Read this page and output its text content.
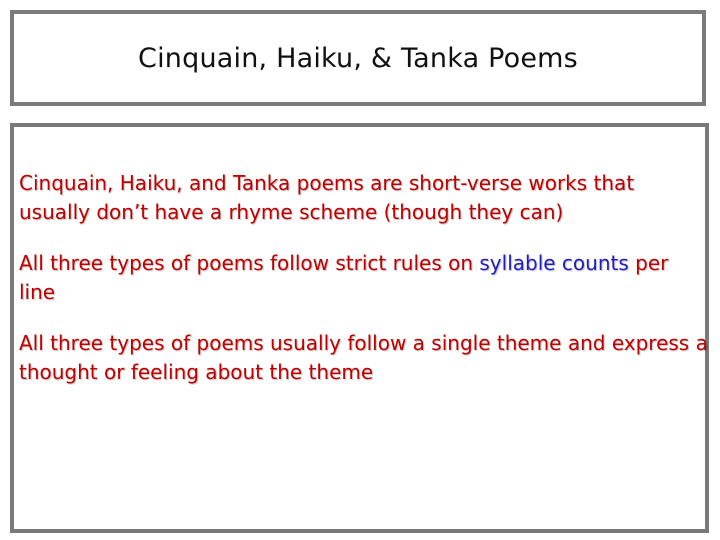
Cinquain, Haiku, & Tanka Poems

Cinquain, Haiku, and Tanka poems are short-verse works that usually don’t have a rhyme scheme (though they can)

All three types of poems follow strict rules on syllable counts per line

All three types of poems usually follow a single theme and express a thought or feeling about the theme
